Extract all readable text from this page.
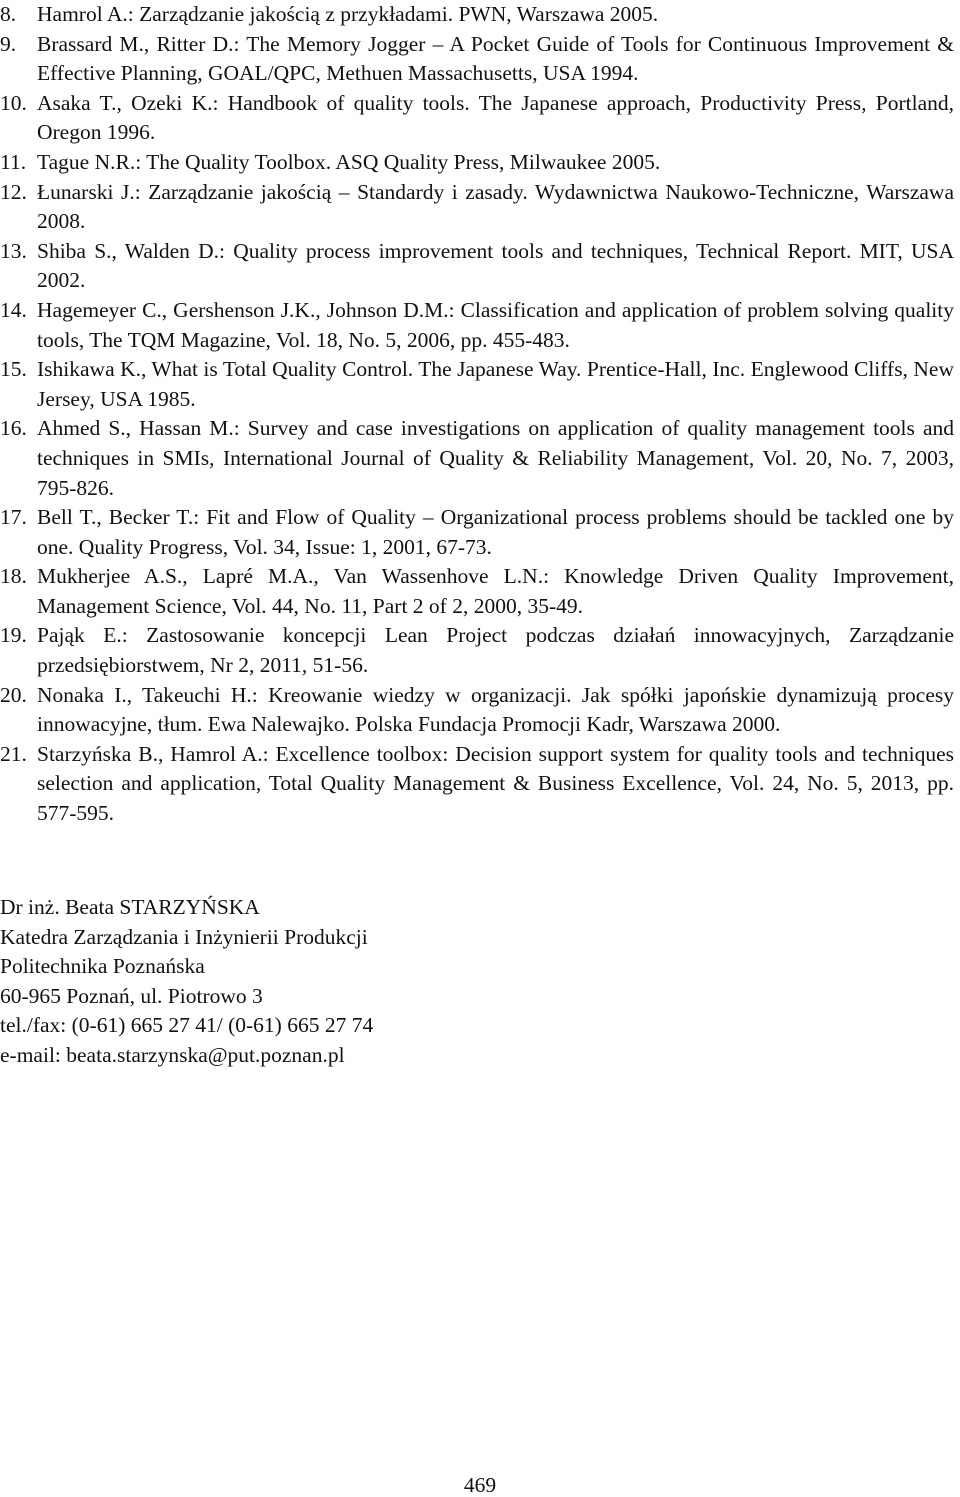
8. Hamrol A.: Zarządzanie jakością z przykładami. PWN, Warszawa 2005.
9. Brassard M., Ritter D.: The Memory Jogger – A Pocket Guide of Tools for Continuous Improvement & Effective Planning, GOAL/QPC, Methuen Massachusetts, USA 1994.
10. Asaka T., Ozeki K.: Handbook of quality tools. The Japanese approach, Productivity Press, Portland, Oregon 1996.
11. Tague N.R.: The Quality Toolbox. ASQ Quality Press, Milwaukee 2005.
12. Łunarski J.: Zarządzanie jakością – Standardy i zasady. Wydawnictwa Naukowo-Techniczne, Warszawa 2008.
13. Shiba S., Walden D.: Quality process improvement tools and techniques, Technical Report. MIT, USA 2002.
14. Hagemeyer C., Gershenson J.K., Johnson D.M.: Classification and application of problem solving quality tools, The TQM Magazine, Vol. 18, No. 5, 2006, pp. 455-483.
15. Ishikawa K., What is Total Quality Control. The Japanese Way. Prentice-Hall, Inc. Englewood Cliffs, New Jersey, USA 1985.
16. Ahmed S., Hassan M.: Survey and case investigations on application of quality management tools and techniques in SMIs, International Journal of Quality & Reliability Management, Vol. 20, No. 7, 2003, 795-826.
17. Bell T., Becker T.: Fit and Flow of Quality – Organizational process problems should be tackled one by one. Quality Progress, Vol. 34, Issue: 1, 2001, 67-73.
18. Mukherjee A.S., Lapré M.A., Van Wassenhove L.N.: Knowledge Driven Quality Improvement, Management Science, Vol. 44, No. 11, Part 2 of 2, 2000, 35-49.
19. Pająk E.: Zastosowanie koncepcji Lean Project podczas działań innowacyjnych, Zarządzanie przedsiębiorstwem, Nr 2, 2011, 51-56.
20. Nonaka I., Takeuchi H.: Kreowanie wiedzy w organizacji. Jak spółki japońskie dynamizują procesy innowacyjne, tłum. Ewa Nalewajko. Polska Fundacja Promocji Kadr, Warszawa 2000.
21. Starzyńska B., Hamrol A.: Excellence toolbox: Decision support system for quality tools and techniques selection and application, Total Quality Management & Business Excellence, Vol. 24, No. 5, 2013, pp. 577-595.
Dr inż. Beata STARZYŃSKA
Katedra Zarządzania i Inżynierii Produkcji
Politechnika Poznańska
60-965 Poznań, ul. Piotrowo 3
tel./fax: (0-61) 665 27 41/ (0-61) 665 27 74
e-mail: beata.starzynska@put.poznan.pl
469
